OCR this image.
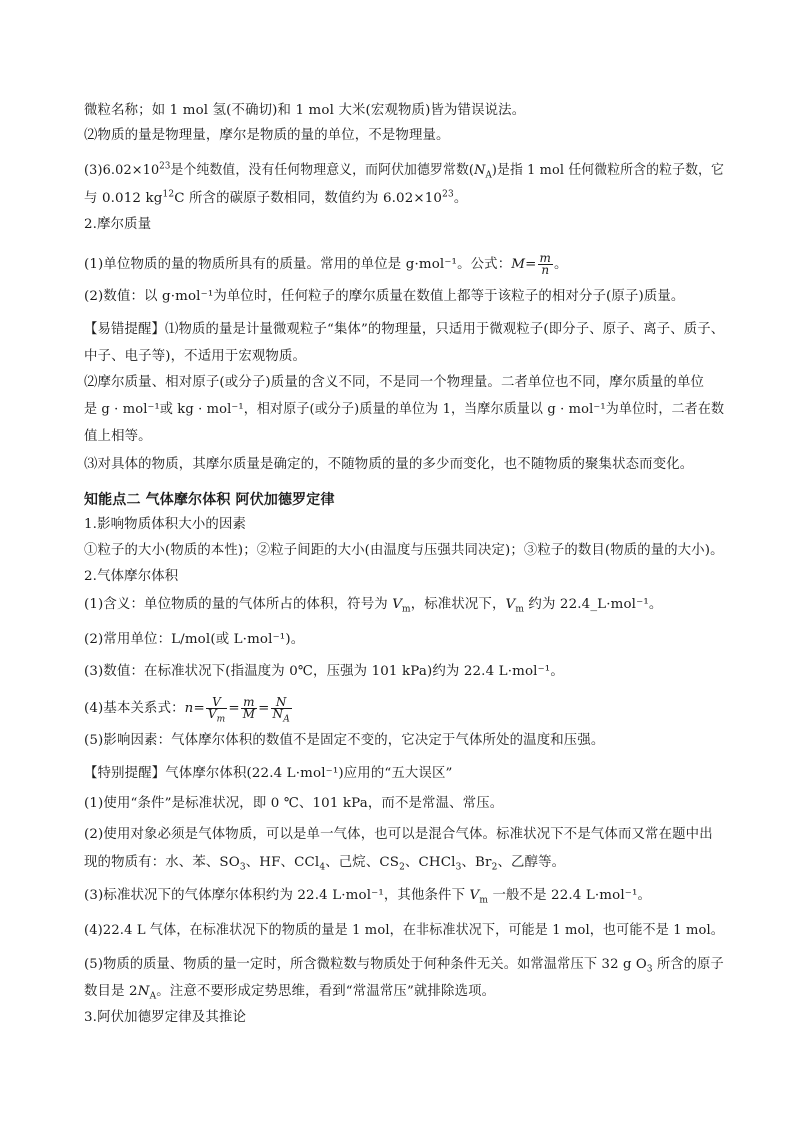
微粒名称；如 1 mol 氢(不确切)和 1 mol 大米(宏观物质)皆为错误说法。
⑵物质的量是物理量，摩尔是物质的量的单位，不是物理量。
$(3)6.02\times 10^{23}$是个纯数值，没有任何物理意义，而阿伏加德罗常数$(N_A)$是指 1 mol 任何微粒所含的粒子数，它
与 0.012 $kg^{12}C$ 所含的碳原子数相同，数值约为 $6.02\times 10^{23}$。
2.摩尔质量
(1)单位物质的量的物质所具有的质量。常用的单位是 g·mol⁻¹。公式：$M= \frac{m}{n}$ 。
(2)数值：以 g·mol⁻¹为单位时，任何粒子的摩尔质量在数值上都等于该粒子的相对分子(原子)质量。
【易错提醒】⑴物质的量是计量微观粒子“集体”的物理量，只适用于微观粒子(即分子、原子、离子、质子、
中子、电子等)，不适用于宏观物质。
⑵摩尔质量、相对原子(或分子)质量的含义不同，不是同一个物理量。二者单位也不同，摩尔质量的单位
是 g · mol⁻¹或 kg · mol⁻¹，相对原子(或分子)质量的单位为 1，当摩尔质量以 g · mol⁻¹为单位时，二者在数
值上相等。
⑶对具体的物质，其摩尔质量是确定的，不随物质的量的多少而变化，也不随物质的聚集状态而变化。
知能点二 气体摩尔体积 阿伏加德罗定律
1.影响物质体积大小的因素
①粒子的大小(物质的本性)；②粒子间距的大小(由温度与压强共同决定)；③粒子的数目(物质的量的大小)。
2.气体摩尔体积
(1)含义：单位物质的量的气体所占的体积，符号为 $V_m$，标准状况下，$V_m$ 约为 22.4_L·mol⁻¹。
(2)常用单位：L/mol(或 L·mol⁻¹)。
(3)数值：在标准状况下(指温度为 0℃，压强为 101 kPa)约为 22.4 L·mol⁻¹。
(4)基本关系式：$n= \frac{V}{V_m} = \frac{m}{M} = \frac{N}{N_A}$
(5)影响因素：气体摩尔体积的数值不是固定不变的，它决定于气体所处的温度和压强。
【特别提醒】气体摩尔体积(22.4 L·mol⁻¹)应用的“五大误区”
(1)使用“条件”是标准状况，即 0 ℃、101 kPa，而不是常温、常压。
(2)使用对象必须是气体物质，可以是单一气体，也可以是混合气体。标准状况下不是气体而又常在题中出
现的物质有：水、苯、$SO_3$、HF、CCl$_4$、己烷、$CS_2$、CHCl$_3$、$Br_2$、乙醇等。
(3)标准状况下的气体摩尔体积约为 22.4 L·mol⁻¹，其他条件下 $V_m$ 一般不是 22.4 L·mol⁻¹。
(4)22.4 L 气体，在标准状况下的物质的量是 1 mol，在非标准状况下，可能是 1 mol，也可能不是 1 mol。
(5)物质的质量、物质的量一定时，所含微粒数与物质处于何种条件无关。如常温常压下 32 g $O_3$ 所含的原子
数目是 $2N_A$。注意不要形成定势思维，看到“常温常压”就排除选项。
3.阿伏加德罗定律及其推论
